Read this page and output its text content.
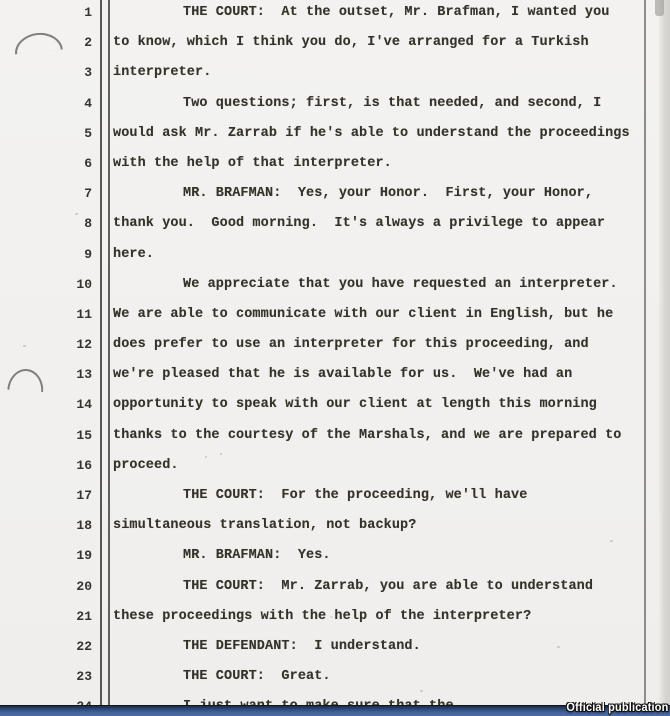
1	THE COURT:  At the outset, Mr. Brafman, I wanted you
2 to know, which I think you do, I've arranged for a Turkish
3 interpreter.
4	Two questions; first, is that needed, and second, I
5 would ask Mr. Zarrab if he's able to understand the proceedings
6 with the help of that interpreter.
7	MR. BRAFMAN:  Yes, your Honor.  First, your Honor,
8 thank you.  Good morning.  It's always a privilege to appear
9 here.
10	We appreciate that you have requested an interpreter.
11 We are able to communicate with our client in English, but he
12 does prefer to use an interpreter for this proceeding, and
13 we're pleased that he is available for us.  We've had an
14 opportunity to speak with our client at length this morning
15 thanks to the courtesy of the Marshals, and we are prepared to
16 proceed.
17	THE COURT:  For the proceeding, we'll have
18 simultaneous translation, not backup?
19	MR. BRAFMAN:  Yes.
20	THE COURT:  Mr. Zarrab, you are able to understand
21 these proceedings with the help of the interpreter?
22	THE DEFENDANT:  I understand.
23	THE COURT:  Great.
Official publication
